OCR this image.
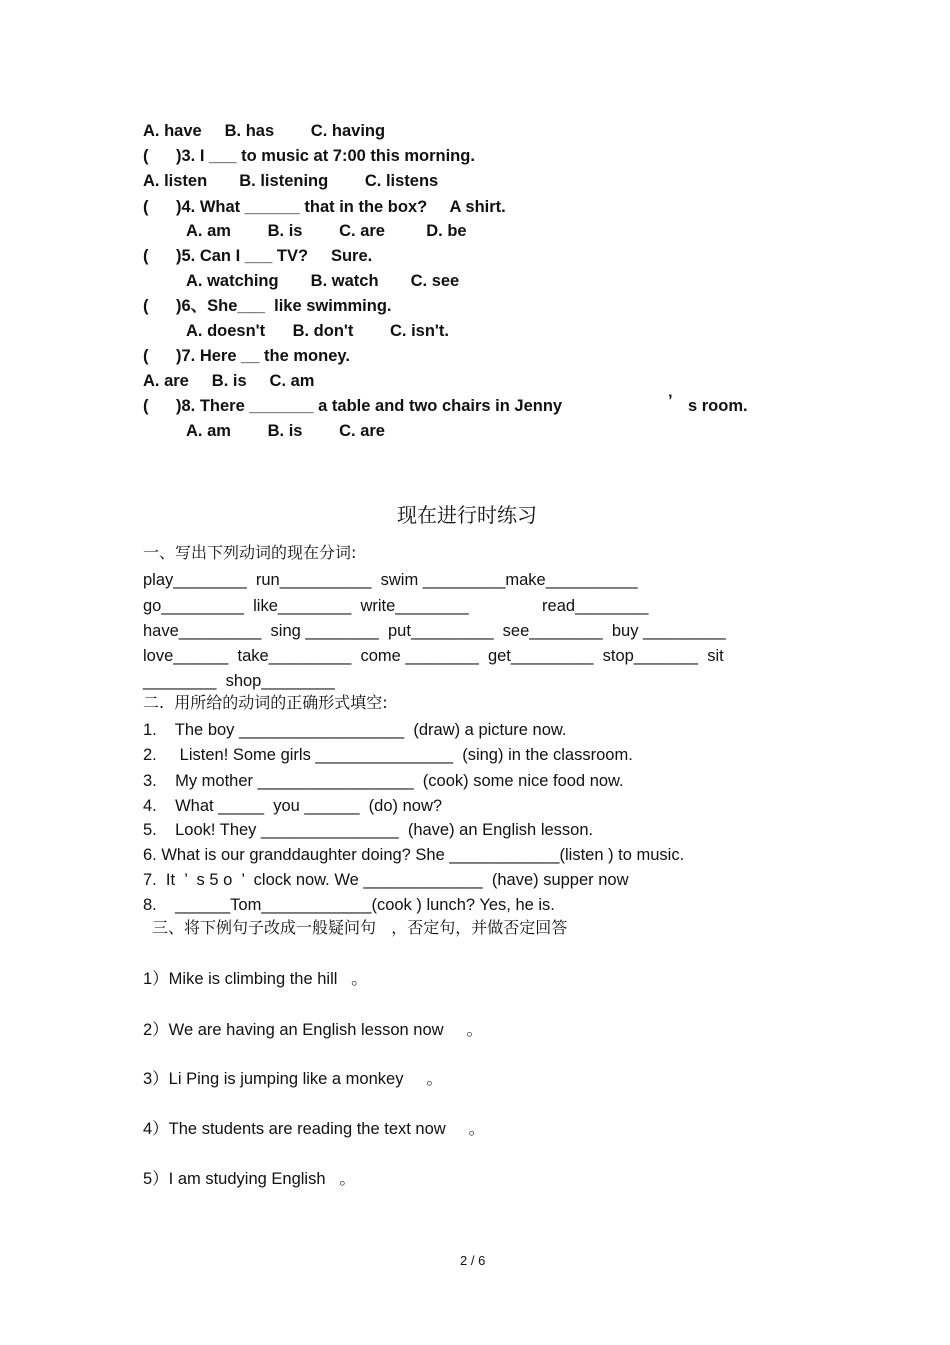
A. have     B. has        C. having
(      )3. I ___ to music at 7:00 this morning.
A. listen       B. listening        C. listens
(      )4. What ______ that in the box?     A shirt.
A. am        B. is        C. are         D. be
(      )5. Can I ___ TV?     Sure.
A. watching       B. watch       C. see
(      )6、She___  like swimming.
A. doesn't      B. don't        C. isn't.
(      )7. Here __ the money.
A. are     B. is     C. am
(      )8. There _______ a table and two chairs in Jenny	’ s room.
A. am        B. is        C. are
现在进行时练习
一、写出下列动词的现在分词:
play________  run__________  swim _________make__________
go_________  like________  write________                read________
have_________  sing ________  put_________  see________  buy _________
love______  take_________  come ________  get_________  stop_______  sit
________  shop________
二.  用所给的动词的正确形式填空:
1.    The boy __________________  (draw) a picture now.
2.     Listen! Some girls _______________  (sing) in the classroom.
3.    My mother _________________  (cook) some nice food now.
4.    What _____  you ______  (do) now?
5.    Look! They _______________  (have) an English lesson.
6. What is our granddaughter doing? She ____________(listen ) to music.
7.  It  ’  s 5 o  ’  clock now. We _____________  (have) supper now
8.    ______Tom____________(cook ) lunch? Yes, he is.
三、将下例句子改成一般疑问句   ，否定句，并做否定回答
1）Mike is climbing the hill   。
2）We are having an English lesson now     。
3）Li Ping is jumping like a monkey     。
4）The students are reading the text now     。
5）I am studying English   。
2 / 6
